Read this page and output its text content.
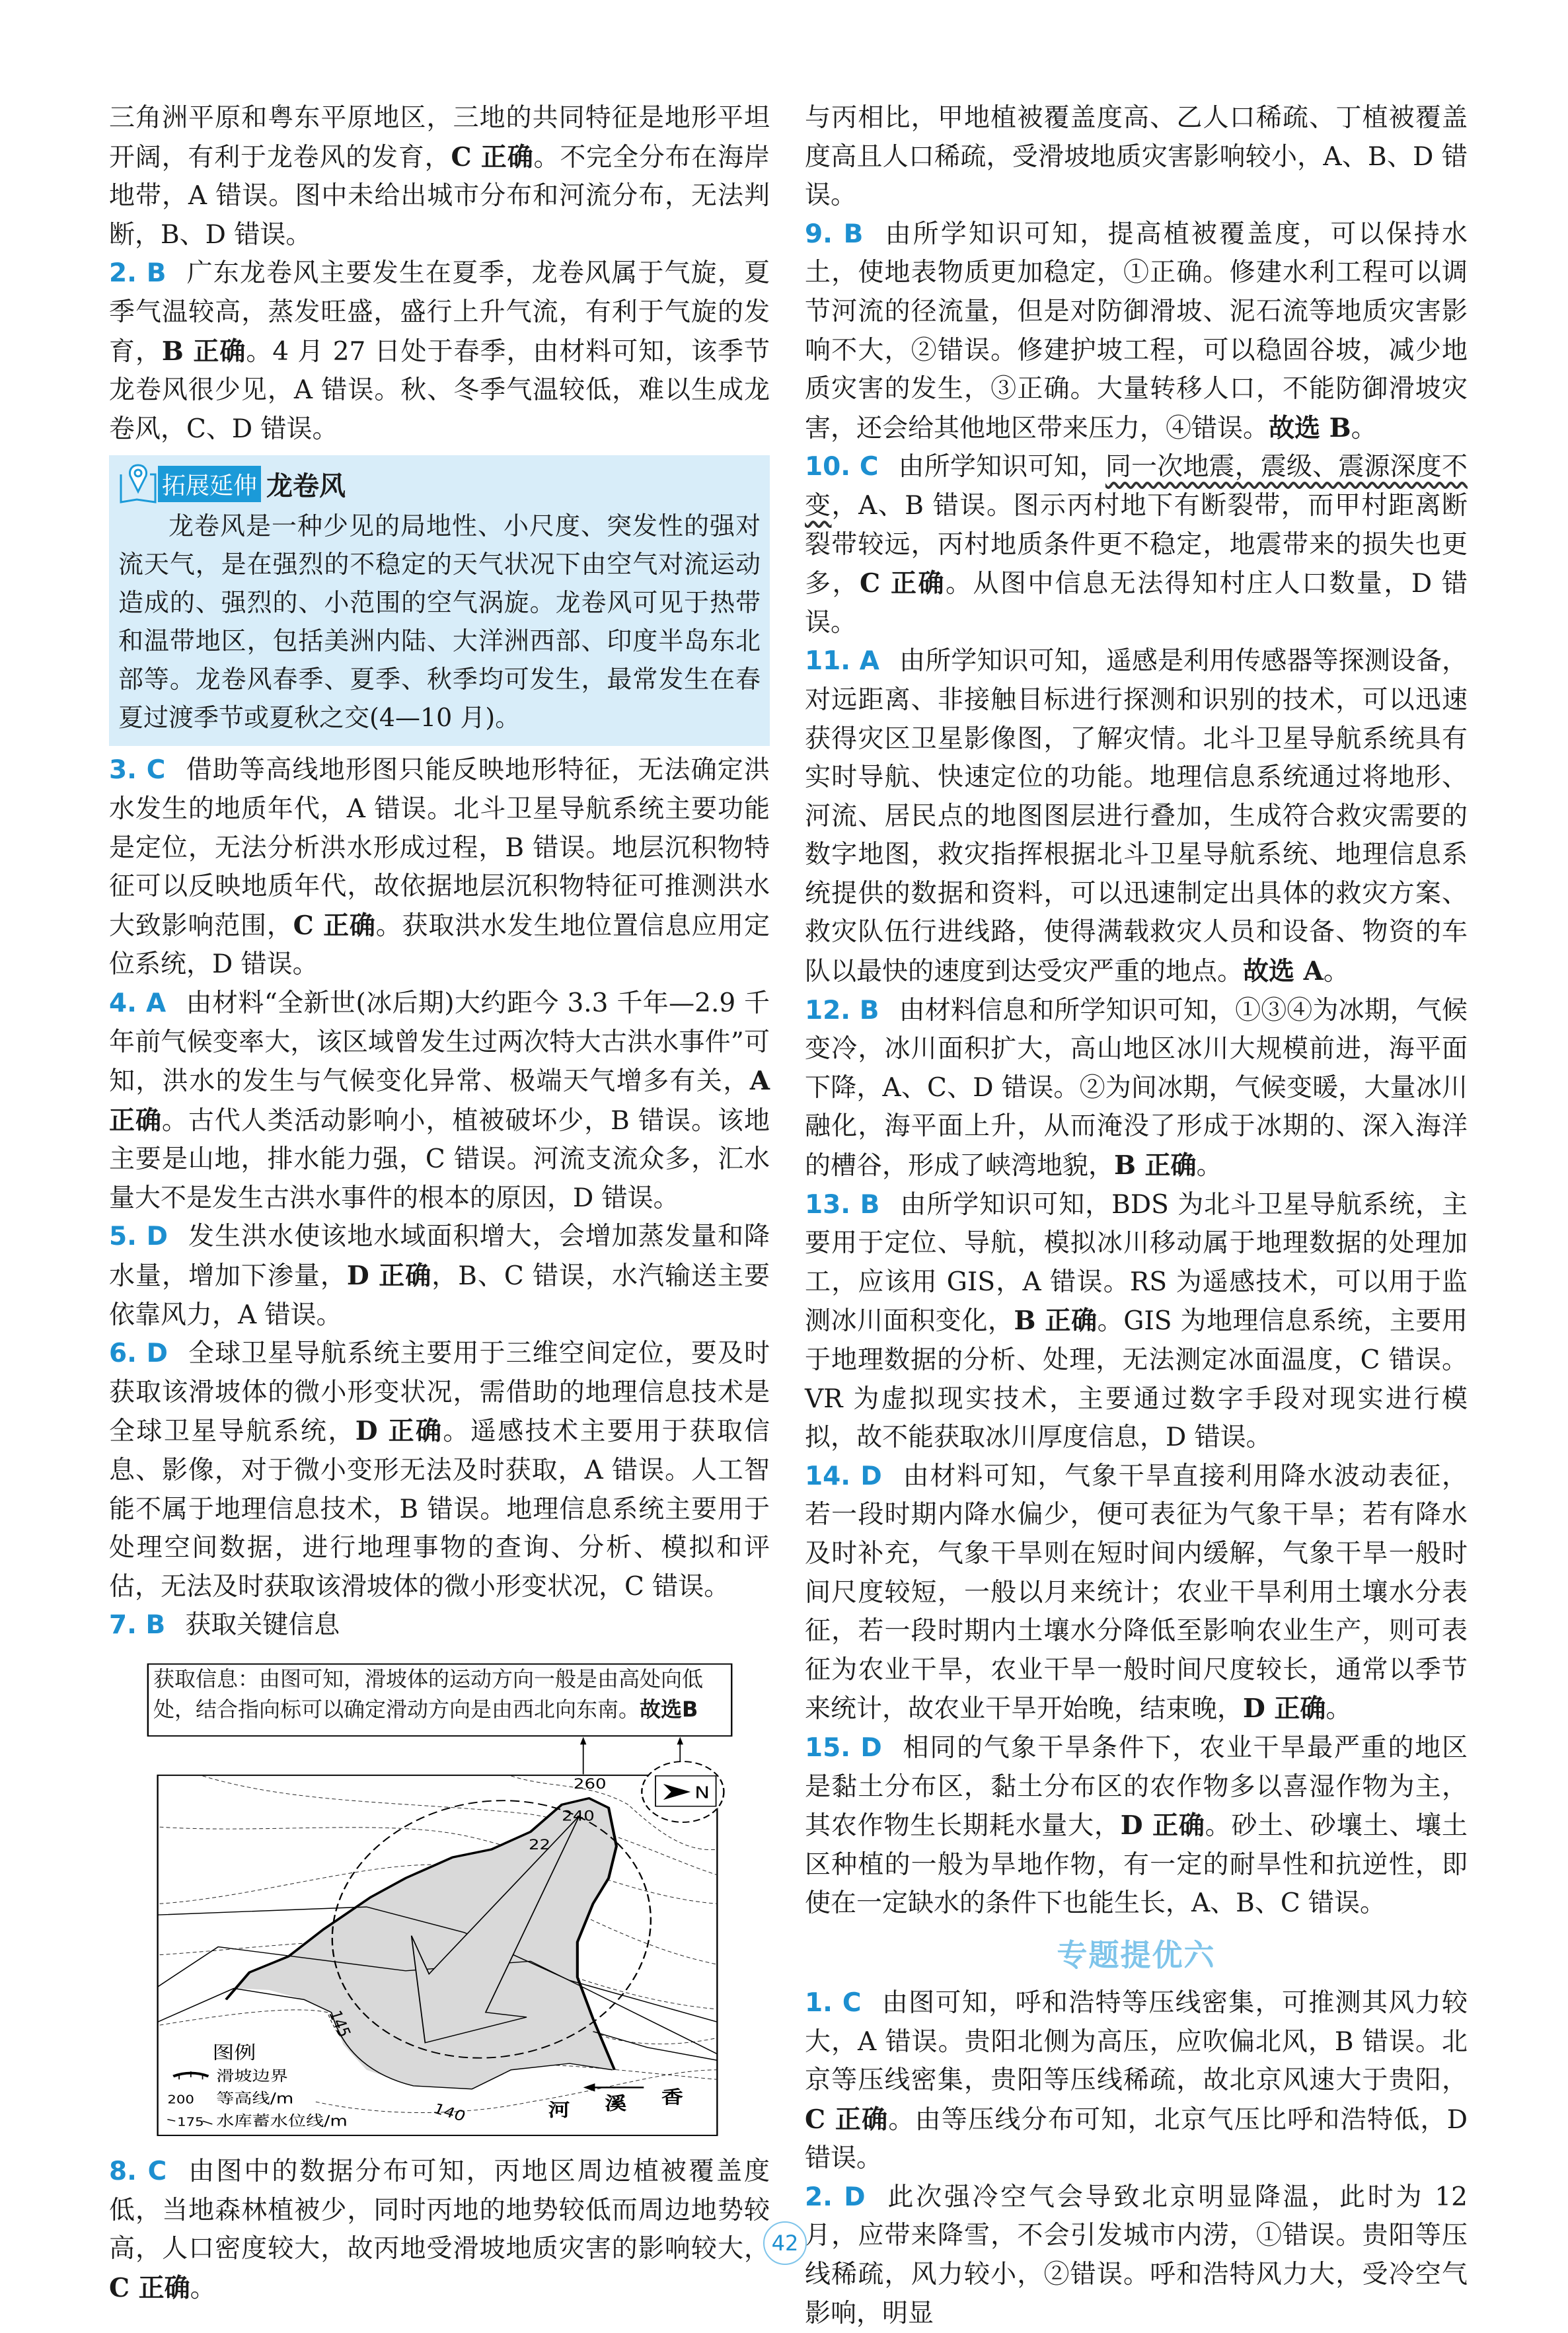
三角洲平原和粤东平原地区，三地的共同特征是地形平坦开阔，有利于龙卷风的发育，C 正确。不完全分布在海岸地带，A 错误。图中未给出城市分布和河流分布，无法判断，B、D 错误。

2. B 广东龙卷风主要发生在夏季，龙卷风属于气旋，夏季气温较高，蒸发旺盛，盛行上升气流，有利于气旋的发育，B 正确。4 月 27 日处于春季，由材料可知，该季节龙卷风很少见，A 错误。秋、冬季气温较低，难以生成龙卷风，C、D 错误。

拓展延伸 龙卷风
龙卷风是一种少见的局地性、小尺度、突发性的强对流天气，是在强烈的不稳定的天气状况下由空气对流运动造成的、强烈的、小范围的空气涡旋。龙卷风可见于热带和温带地区，包括美洲内陆、大洋洲西部、印度半岛东北部等。龙卷风春季、夏季、秋季均可发生，最常发生在春夏过渡季节或夏秋之交(4—10 月)。

3. C 借助等高线地形图只能反映地形特征，无法确定洪水发生的地质年代，A 错误。北斗卫星导航系统主要功能是定位，无法分析洪水形成过程，B 错误。地层沉积物特征可以反映地质年代，故依据地层沉积物特征可推测洪水大致影响范围，C 正确。获取洪水发生地位置信息应用定位系统，D 错误。

4. A 由材料“全新世(冰后期)大约距今 3.3 千年—2.9 千年前气候变率大，该区域曾发生过两次特大古洪水事件”可知，洪水的发生与气候变化异常、极端天气增多有关，A 正确。古代人类活动影响小，植被破坏少，B 错误。该地主要是山地，排水能力强，C 错误。河流支流众多，汇水量大不是发生古洪水事件的根本的原因，D 错误。

5. D 发生洪水使该地水域面积增大，会增加蒸发量和降水量，增加下渗量，D 正确，B、C 错误，水汽输送主要依靠风力，A 错误。

6. D 全球卫星导航系统主要用于三维空间定位，要及时获取该滑坡体的微小形变状况，需借助的地理信息技术是全球卫星导航系统，D 正确。遥感技术主要用于获取信息、影像，对于微小变形无法及时获取，A 错误。人工智能不属于地理信息技术，B 错误。地理信息系统主要用于处理空间数据，进行地理事物的查询、分析、模拟和评估，无法及时获取该滑坡体的微小形变状况，C 错误。

7. B 获取关键信息

N
260
240
22
145
140 河 溪 香
图例
滑坡边界
200 等高线/m
175 水库蓄水位线/m
获取信息：由图可知，滑坡体的运动方向一般是由高处向低处，结合指向标可以确定滑动方向是由西北向东南。故选B

8. C 由图中的数据分布可知，丙地区周边植被覆盖度低，当地森林植被少，同时丙地的地势较低而周边地势较高，人口密度较大，故丙地受滑坡地质灾害的影响较大，C 正确。

与丙相比，甲地植被覆盖度高、乙人口稀疏、丁植被覆盖度高且人口稀疏，受滑坡地质灾害影响较小，A、B、D 错误。

9. B 由所学知识可知，提高植被覆盖度，可以保持水土，使地表物质更加稳定，①正确。修建水利工程可以调节河流的径流量，但是对防御滑坡、泥石流等地质灾害影响不大，②错误。修建护坡工程，可以稳固谷坡，减少地质灾害的发生，③正确。大量转移人口，不能防御滑坡灾害，还会给其他地区带来压力，④错误。故选 B。

10. C 由所学知识可知，同一次地震，震级、震源深度不变，A、B 错误。图示丙村地下有断裂带，而甲村距离断裂带较远，丙村地质条件更不稳定，地震带来的损失也更多，C 正确。从图中信息无法得知村庄人口数量，D 错误。

11. A 由所学知识可知，遥感是利用传感器等探测设备，对远距离、非接触目标进行探测和识别的技术，可以迅速获得灾区卫星影像图，了解灾情。北斗卫星导航系统具有实时导航、快速定位的功能。地理信息系统通过将地形、河流、居民点的地图图层进行叠加，生成符合救灾需要的数字地图，救灾指挥根据北斗卫星导航系统、地理信息系统提供的数据和资料，可以迅速制定出具体的救灾方案、救灾队伍行进线路，使得满载救灾人员和设备、物资的车队以最快的速度到达受灾严重的地点。故选 A。

12. B 由材料信息和所学知识可知，①③④为冰期，气候变冷，冰川面积扩大，高山地区冰川大规模前进，海平面下降，A、C、D 错误。②为间冰期，气候变暖，大量冰川融化，海平面上升，从而淹没了形成于冰期的、深入海洋的槽谷，形成了峡湾地貌，B 正确。

13. B 由所学知识可知，BDS 为北斗卫星导航系统，主要用于定位、导航，模拟冰川移动属于地理数据的处理加工，应该用 GIS，A 错误。RS 为遥感技术，可以用于监测冰川面积变化，B 正确。GIS 为地理信息系统，主要用于地理数据的分析、处理，无法测定冰面温度，C 错误。VR 为虚拟现实技术，主要通过数字手段对现实进行模拟，故不能获取冰川厚度信息，D 错误。

14. D 由材料可知，气象干旱直接利用降水波动表征，若一段时期内降水偏少，便可表征为气象干旱；若有降水及时补充，气象干旱则在短时间内缓解，气象干旱一般时间尺度较短，一般以月来统计；农业干旱利用土壤水分表征，若一段时期内土壤水分降低至影响农业生产，则可表征为农业干旱，农业干旱一般时间尺度较长，通常以季节来统计，故农业干旱开始晚，结束晚，D 正确。

15. D 相同的气象干旱条件下，农业干旱最严重的地区是黏土分布区，黏土分布区的农作物多以喜湿作物为主，其农作物生长期耗水量大，D 正确。砂土、砂壤土、壤土区种植的一般为旱地作物，有一定的耐旱性和抗逆性，即使在一定缺水的条件下也能生长，A、B、C 错误。

专题提优六

1. C 由图可知，呼和浩特等压线密集，可推测其风力较大，A 错误。贵阳北侧为高压，应吹偏北风，B 错误。北京等压线密集，贵阳等压线稀疏，故北京风速大于贵阳，C 正确。由等压线分布可知，北京气压比呼和浩特低，D 错误。

2. D 此次强冷空气会导致北京明显降温，此时为 12 月，应带来降雪，不会引发城市内涝，①错误。贵阳等压线稀疏，风力较小，②错误。呼和浩特风力大，受冷空气影响，明显

42
